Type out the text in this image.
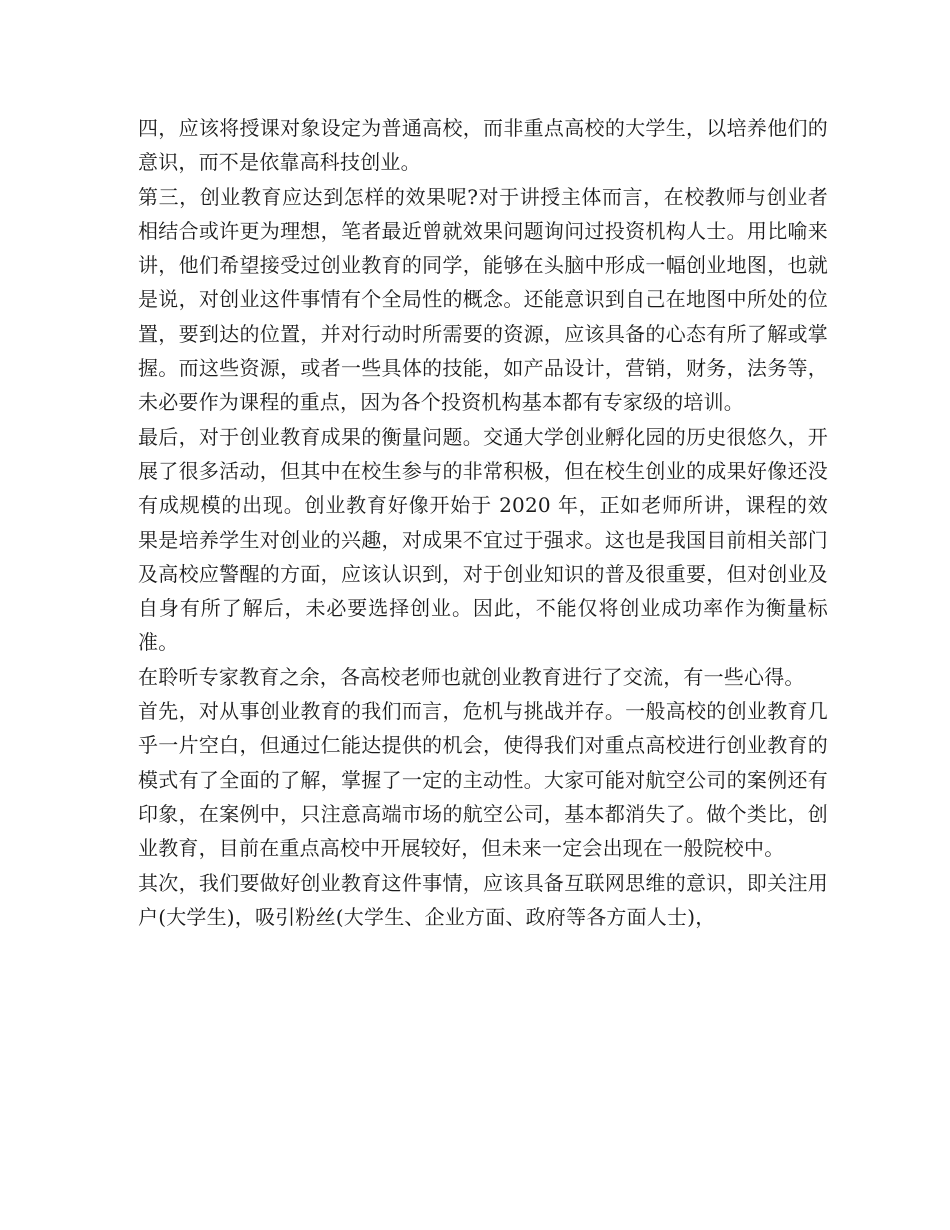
四，应该将授课对象设定为普通高校，而非重点高校的大学生，以培养他们的意识，而不是依靠高科技创业。

第三，创业教育应达到怎样的效果呢?对于讲授主体而言，在校教师与创业者相结合或许更为理想，笔者最近曾就效果问题询问过投资机构人士。用比喻来讲，他们希望接受过创业教育的同学，能够在头脑中形成一幅创业地图，也就是说，对创业这件事情有个全局性的概念。还能意识到自己在地图中所处的位置，要到达的位置，并对行动时所需要的资源，应该具备的心态有所了解或掌握。而这些资源，或者一些具体的技能，如产品设计，营销，财务，法务等，未必要作为课程的重点，因为各个投资机构基本都有专家级的培训。

最后，对于创业教育成果的衡量问题。交通大学创业孵化园的历史很悠久，开展了很多活动，但其中在校生参与的非常积极，但在校生创业的成果好像还没有成规模的出现。创业教育好像开始于 2020 年，正如老师所讲，课程的效果是培养学生对创业的兴趣，对成果不宜过于强求。这也是我国目前相关部门及高校应警醒的方面，应该认识到，对于创业知识的普及很重要，但对创业及自身有所了解后，未必要选择创业。因此，不能仅将创业成功率作为衡量标准。

在聆听专家教育之余，各高校老师也就创业教育进行了交流，有一些心得。

首先，对从事创业教育的我们而言，危机与挑战并存。一般高校的创业教育几乎一片空白，但通过仁能达提供的机会，使得我们对重点高校进行创业教育的模式有了全面的了解，掌握了一定的主动性。大家可能对航空公司的案例还有印象，在案例中，只注意高端市场的航空公司，基本都消失了。做个类比，创业教育，目前在重点高校中开展较好，但未来一定会出现在一般院校中。

其次，我们要做好创业教育这件事情，应该具备互联网思维的意识，即关注用户(大学生)，吸引粉丝(大学生、企业方面、政府等各方面人士)，
